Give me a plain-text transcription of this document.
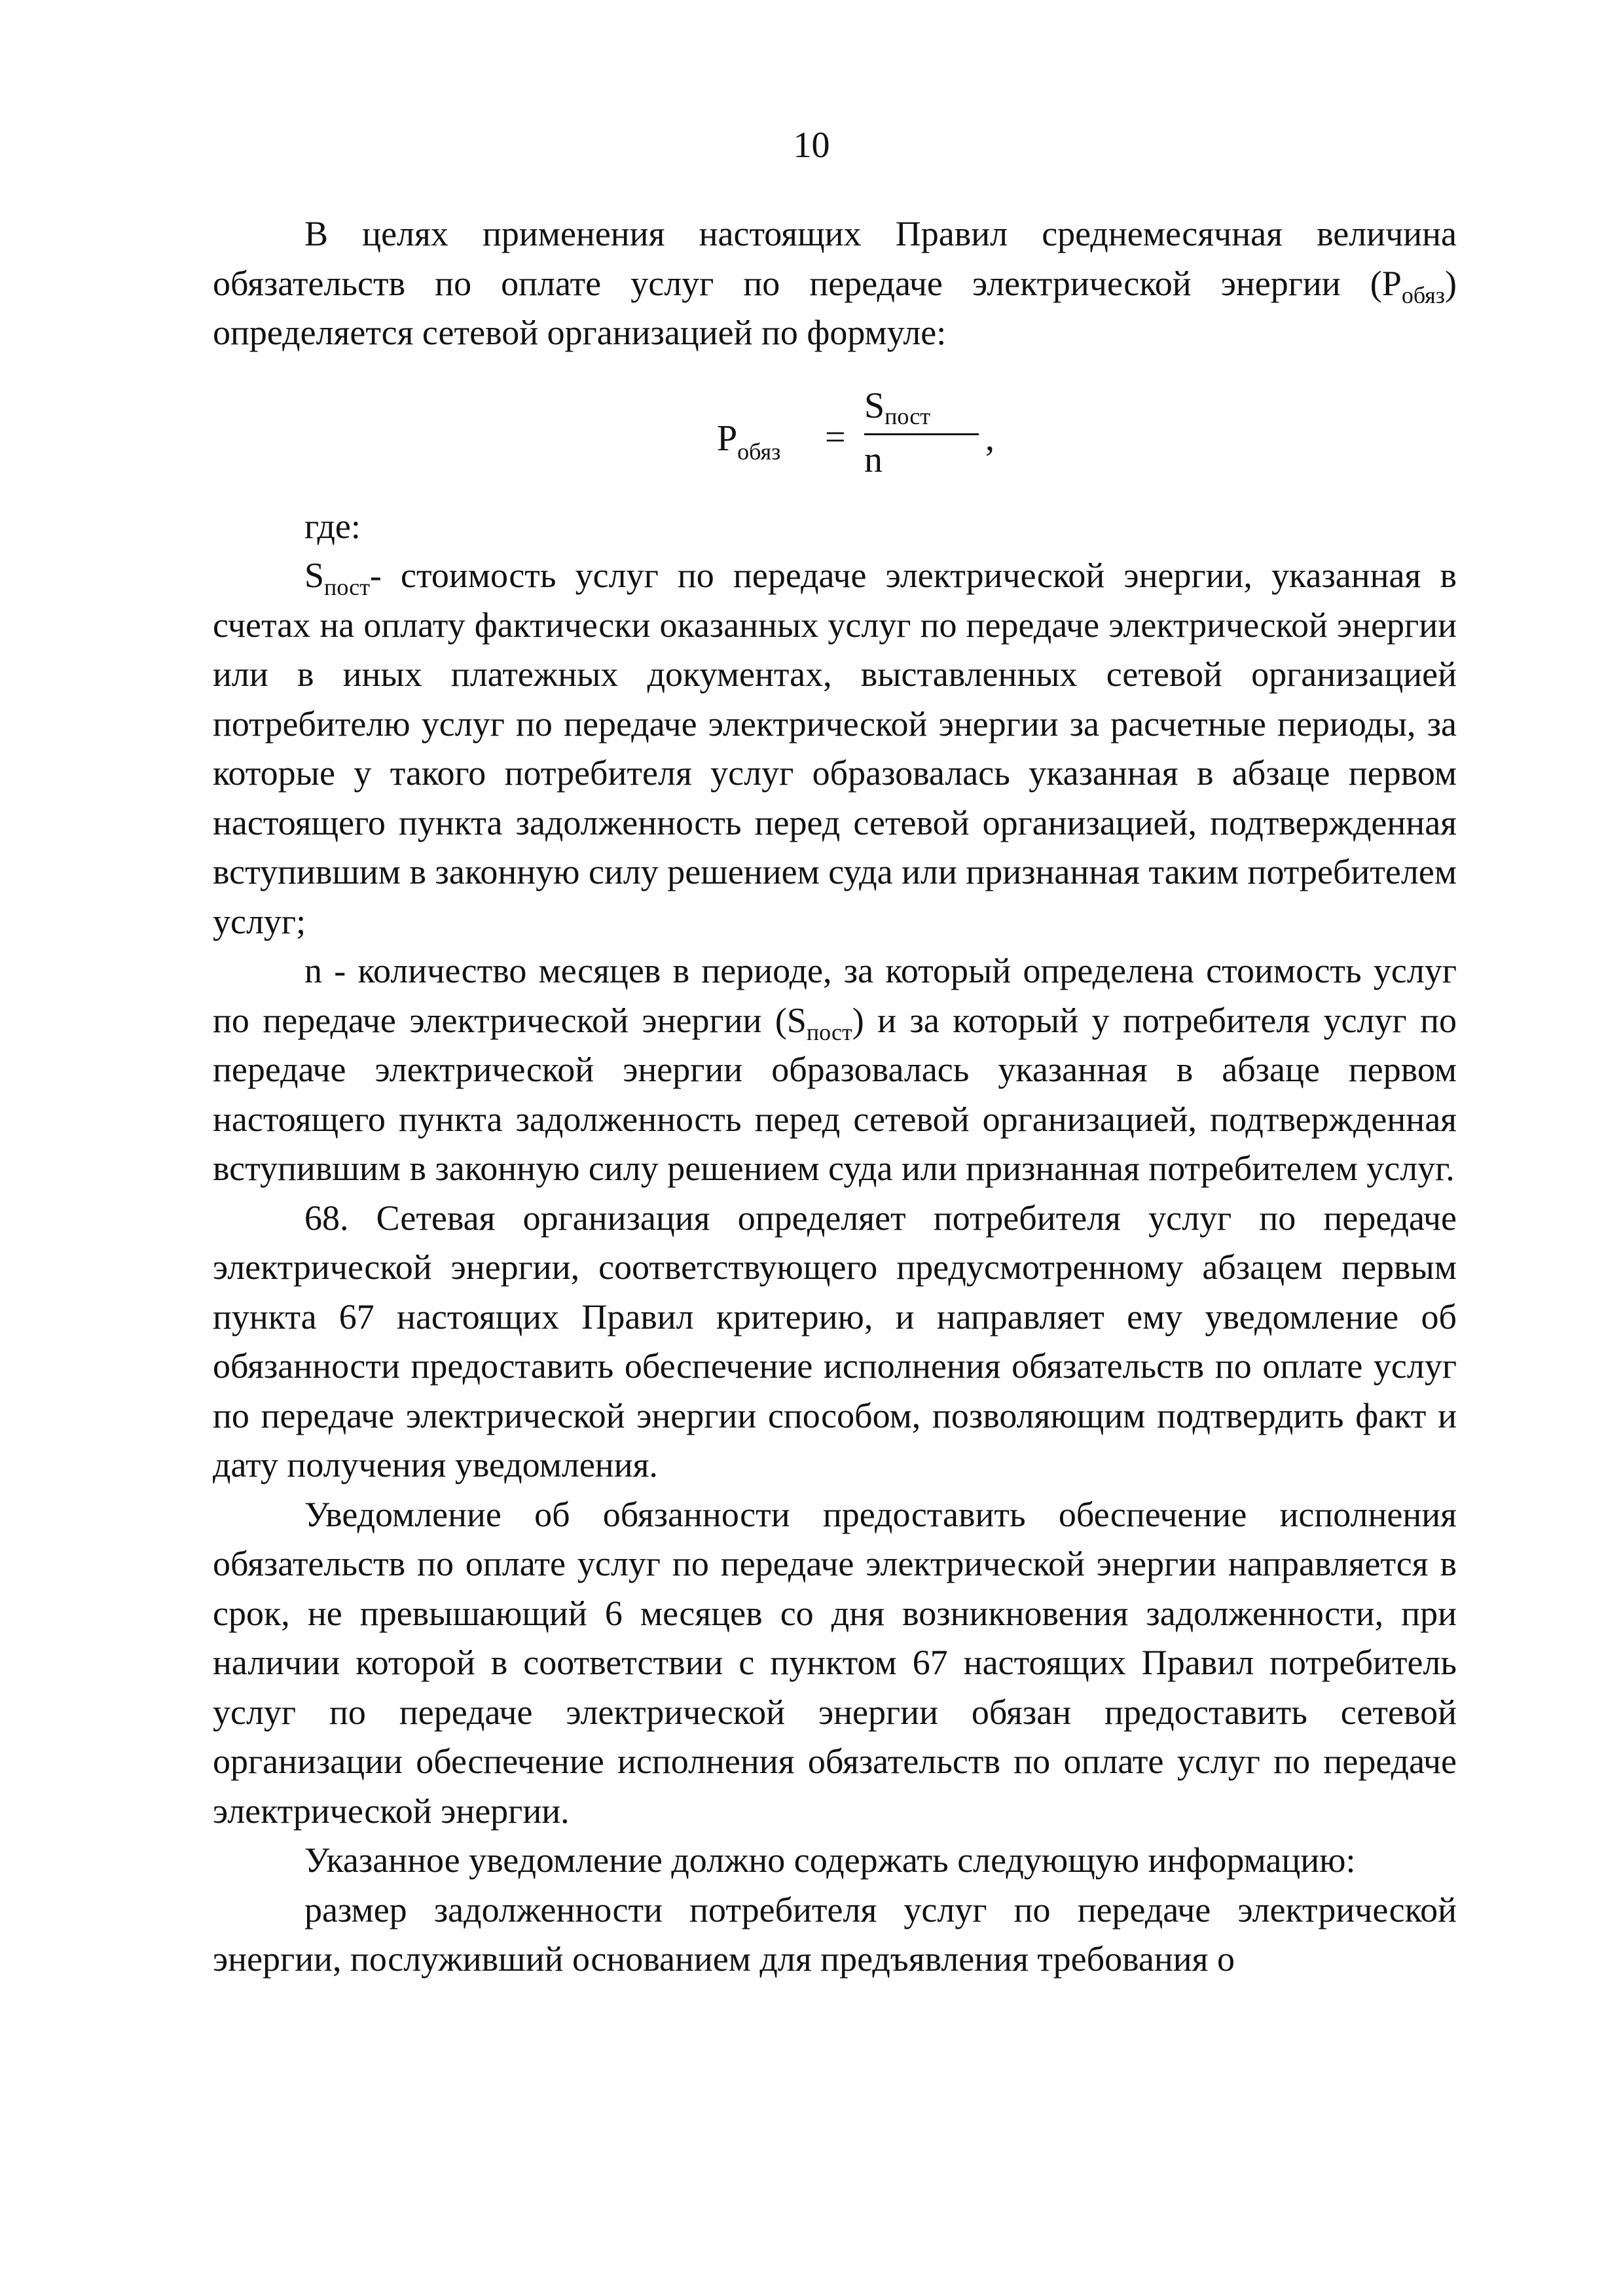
10

В целях применения настоящих Правил среднемесячная величина обязательств по оплате услуг по передаче электрической энергии $(Р_{обяз})$ определяется сетевой организацией по формуле:

$Р_{обяз}$ =
$S_{пост}$
n
,

где:

$S_{пост}-$ стоимость услуг по передаче электрической энергии, указанная в счетах на оплату фактически оказанных услуг по передаче электрической энергии или в иных платежных документах, выставленных сетевой организацией потребителю услуг по передаче электрической энергии за расчетные периоды, за которые у такого потребителя услуг образовалась указанная в абзаце первом настоящего пункта задолженность перед сетевой организацией, подтвержденная вступившим в законную силу решением суда или признанная таким потребителем услуг;

n - количество месяцев в периоде, за который определена стоимость услуг по передаче электрической энергии $(S_{пост})$ и за который у потребителя услуг по передаче электрической энергии образовалась указанная в абзаце первом настоящего пункта задолженность перед сетевой организацией, подтвержденная вступившим в законную силу решением суда или признанная потребителем услуг.

68. Сетевая организация определяет потребителя услуг по передаче электрической энергии, соответствующего предусмотренному абзацем первым пункта 67 настоящих Правил критерию, и направляет ему уведомление об обязанности предоставить обеспечение исполнения обязательств по оплате услуг по передаче электрической энергии способом, позволяющим подтвердить факт и дату получения уведомления.

Уведомление об обязанности предоставить обеспечение исполнения обязательств по оплате услуг по передаче электрической энергии направляется в срок, не превышающий 6 месяцев со дня возникновения задолженности, при наличии которой в соответствии с пунктом 67 настоящих Правил потребитель услуг по передаче электрической энергии обязан предоставить сетевой организации обеспечение исполнения обязательств по оплате услуг по передаче электрической энергии.

Указанное уведомление должно содержать следующую информацию:

размер задолженности потребителя услуг по передаче электрической энергии, послуживший основанием для предъявления требования о
